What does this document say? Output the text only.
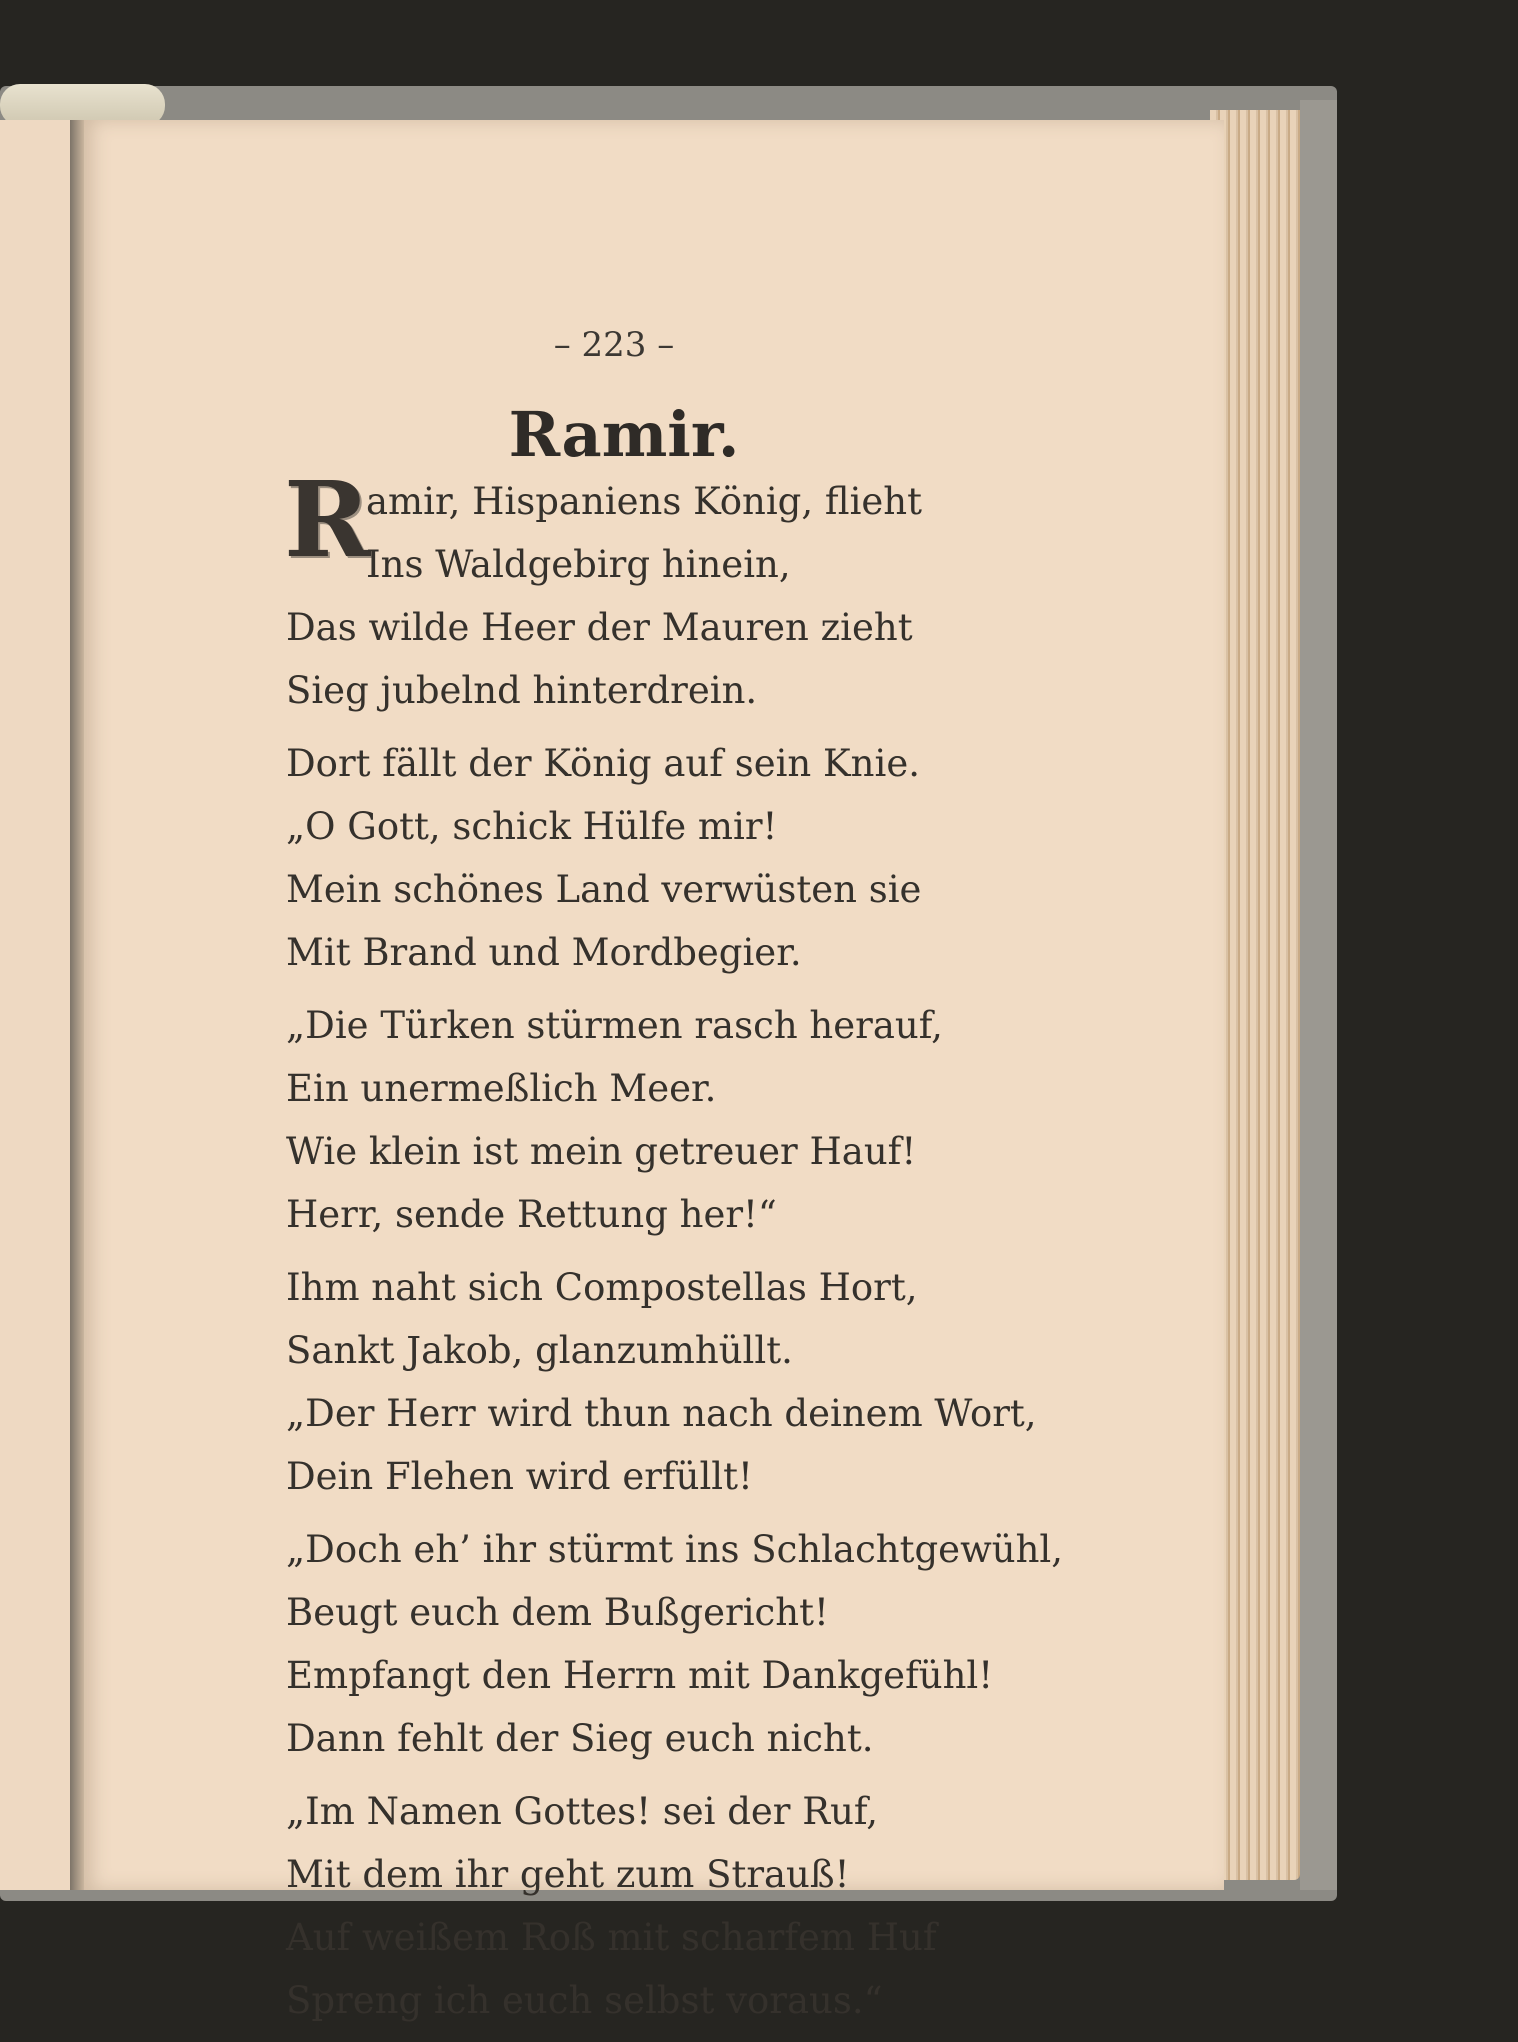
– 223 –
Ramir.
R
amir, Hispaniens König, flieht
Ins Waldgebirg hinein,
Das wilde Heer der Mauren zieht
Sieg jubelnd hinterdrein.
Dort fällt der König auf sein Knie.
„O Gott, schick Hülfe mir!
Mein schönes Land verwüsten sie
Mit Brand und Mordbegier.
„Die Türken stürmen rasch herauf,
Ein unermeßlich Meer.
Wie klein ist mein getreuer Hauf!
Herr, sende Rettung her!“
Ihm naht sich Compostellas Hort,
Sankt Jakob, glanzumhüllt.
„Der Herr wird thun nach deinem Wort,
Dein Flehen wird erfüllt!
„Doch eh’ ihr stürmt ins Schlachtgewühl,
Beugt euch dem Bußgericht!
Empfangt den Herrn mit Dankgefühl!
Dann fehlt der Sieg euch nicht.
„Im Namen Gottes! sei der Ruf,
Mit dem ihr geht zum Strauß!
Auf weißem Roß mit scharfem Huf
Spreng ich euch selbst voraus.“
